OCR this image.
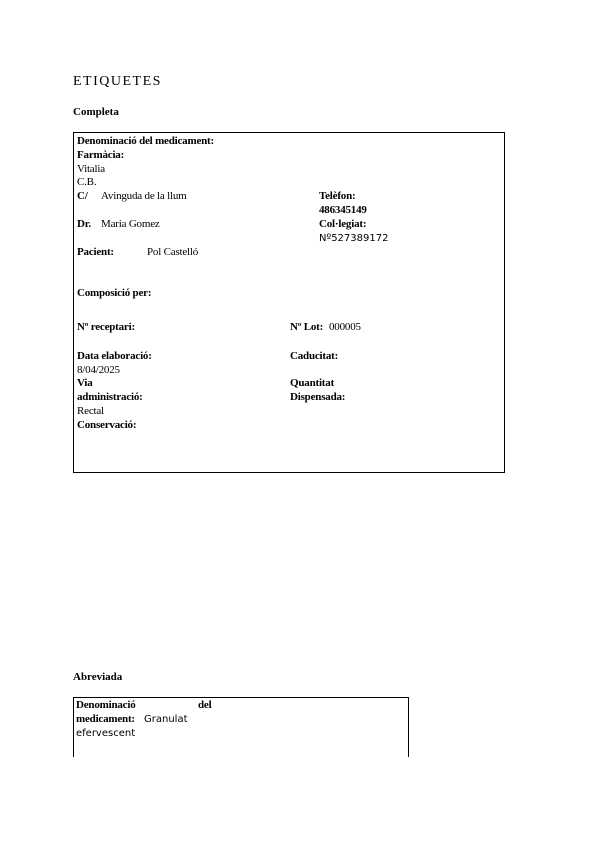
ETIQUETES
Completa
Denominació del medicament:
Farmàcia:
Vitalia
C.B.
C/ Avinguda de la llum	Telèfon:
486345149
Dr. Maria Gomez	Col·legiat:
Nº527389172
Pacient:	Pol Castelló
Composició per:
Nº receptari:	Nº Lot: 000005
Data elaboració:	Caducitat:
8/04/2025
Via	Quantitat
administració:	Dispensada:
Rectal
Conservació:
Abreviada
Denominació	del
medicament: Granulat
efervescent
